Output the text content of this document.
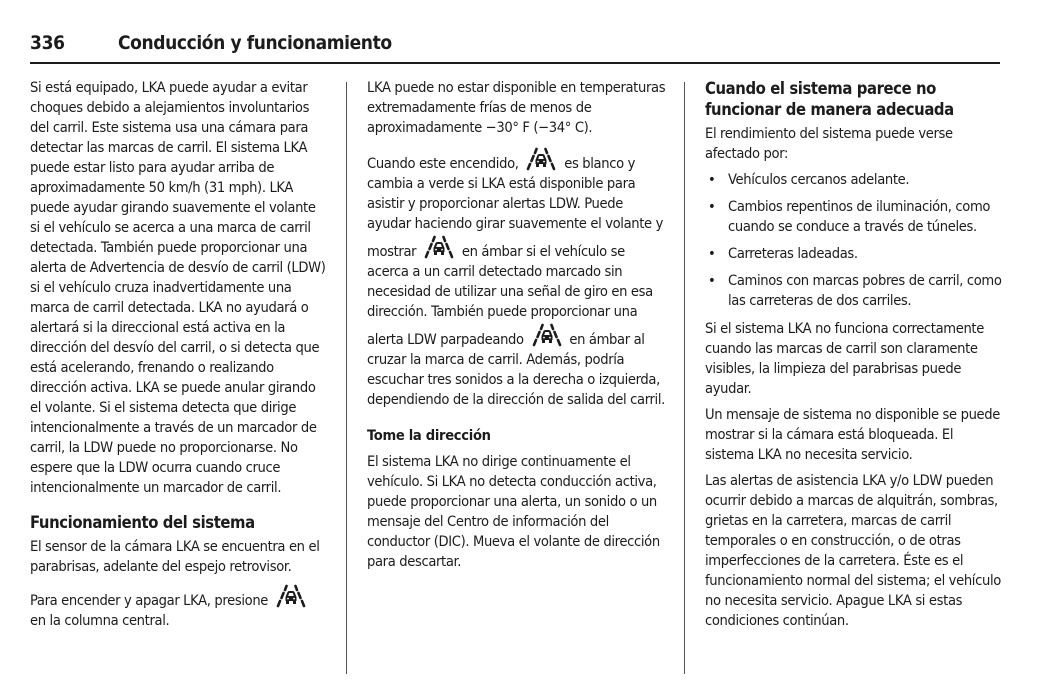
336	Conducción y funcionamiento

Si está equipado, LKA puede ayudar a evitar choques debido a alejamientos involuntarios del carril. Este sistema usa una cámara para detectar las marcas de carril. El sistema LKA puede estar listo para ayudar arriba de aproximadamente 50 km/h (31 mph). LKA puede ayudar girando suavemente el volante si el vehículo se acerca a una marca de carril detectada. También puede proporcionar una alerta de Advertencia de desvío de carril (LDW) si el vehículo cruza inadvertidamente una marca de carril detectada. LKA no ayudará o alertará si la direccional está activa en la dirección del desvío del carril, o si detecta que está acelerando, frenando o realizando dirección activa. LKA se puede anular girando el volante. Si el sistema detecta que dirige intencionalmente a través de un marcador de carril, la LDW puede no proporcionarse. No espere que la LDW ocurra cuando cruce intencionalmente un marcador de carril.

Funcionamiento del sistema

El sensor de la cámara LKA se encuentra en el parabrisas, adelante del espejo retrovisor.

Para encender y apagar LKA, presione
en la columna central.

LKA puede no estar disponible en temperaturas extremadamente frías de menos de aproximadamente −30° F (−34° C).

Cuando este encendido,	es blanco y cambia a verde si LKA está disponible para asistir y proporcionar alertas LDW. Puede ayudar haciendo girar suavemente el volante y mostrar	en ámbar si el vehículo se acerca a un carril detectado marcado sin necesidad de utilizar una señal de giro en esa dirección. También puede proporcionar una alerta LDW parpadeando	en ámbar al cruzar la marca de carril. Además, podría escuchar tres sonidos a la derecha o izquierda, dependiendo de la dirección de salida del carril.

Tome la dirección

El sistema LKA no dirige continuamente el vehículo. Si LKA no detecta conducción activa, puede proporcionar una alerta, un sonido o un mensaje del Centro de información del conductor (DIC). Mueva el volante de dirección para descartar.

Cuando el sistema parece no funcionar de manera adecuada

El rendimiento del sistema puede verse afectado por:

• Vehículos cercanos adelante.
• Cambios repentinos de iluminación, como cuando se conduce a través de túneles.
• Carreteras ladeadas.
• Caminos con marcas pobres de carril, como las carreteras de dos carriles.

Si el sistema LKA no funciona correctamente cuando las marcas de carril son claramente visibles, la limpieza del parabrisas puede ayudar.

Un mensaje de sistema no disponible se puede mostrar si la cámara está bloqueada. El sistema LKA no necesita servicio.

Las alertas de asistencia LKA y/o LDW pueden ocurrir debido a marcas de alquitrán, sombras, grietas en la carretera, marcas de carril temporales o en construcción, o de otras imperfecciones de la carretera. Éste es el funcionamiento normal del sistema; el vehículo no necesita servicio. Apague LKA si estas condiciones continúan.
